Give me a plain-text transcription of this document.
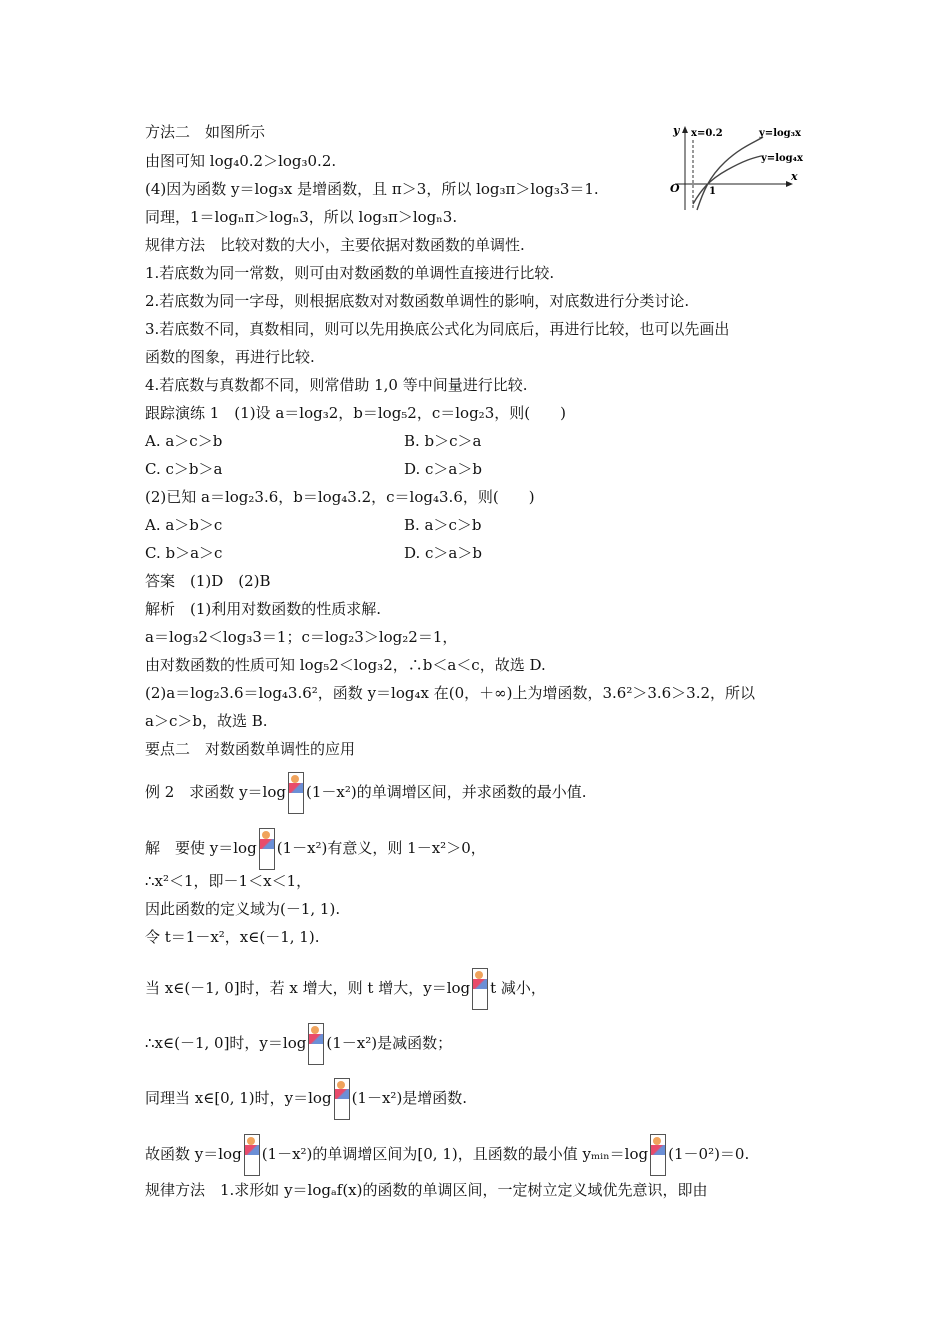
方法二　如图所示
由图可知 log₄0.2＞log₃0.2.
(4)因为函数 y＝log₃x 是增函数，且 π＞3，所以 log₃π＞log₃3＝1.
同理，1＝logₙπ＞logₙ3，所以 log₃π＞logₙ3.
规律方法　比较对数的大小，主要依据对数函数的单调性.
1.若底数为同一常数，则可由对数函数的单调性直接进行比较.
2.若底数为同一字母，则根据底数对对数函数单调性的影响，对底数进行分类讨论.
3.若底数不同，真数相同，则可以先用换底公式化为同底后，再进行比较，也可以先画出
函数的图象，再进行比较.
4.若底数与真数都不同，则常借助 1,0 等中间量进行比较.
跟踪演练 1　(1)设 a＝log₃2，b＝log₅2，c＝log₂3，则(　　)
A. a＞c＞b	B. b＞c＞a
C. c＞b＞a	D. c＞a＞b
(2)已知 a＝log₂3.6，b＝log₄3.2，c＝log₄3.6，则(　　)
A. a＞b＞c	B. a＞c＞b
C. b＞a＞c	D. c＞a＞b
答案　(1)D　(2)B
解析　(1)利用对数函数的性质求解.
a＝log₃2＜log₃3＝1；c＝log₂3＞log₂2＝1，
由对数函数的性质可知 log₅2＜log₃2，∴b＜a＜c，故选 D.
(2)a＝log₂3.6＝log₄3.6²，函数 y＝log₄x 在(0，＋∞)上为增函数，3.6²＞3.6＞3.2，所以
a＞c＞b，故选 B.
要点二　对数函数单调性的应用
例 2　求函数 y＝log (1－x²)的单调增区间，并求函数的最小值.
解　要使 y＝log (1－x²)有意义，则 1－x²＞0，
∴x²＜1，即－1＜x＜1，
因此函数的定义域为(－1, 1).
令 t＝1－x²，x∈(－1, 1).
当 x∈(－1, 0]时，若 x 增大，则 t 增大，y＝log t 减小，
∴x∈(－1, 0]时，y＝log (1－x²)是减函数；
同理当 x∈[0, 1)时，y＝log (1－x²)是增函数.
故函数 y＝log (1－x²)的单调增区间为[0, 1)，且函数的最小值 yₘᵢₙ＝log (1－0²)＝0.
规律方法　1.求形如 y＝logₐf(x)的函数的单调区间，一定树立定义域优先意识，即由
y
x
O	1
x=0.2	y=log₃x
y=log₄x
